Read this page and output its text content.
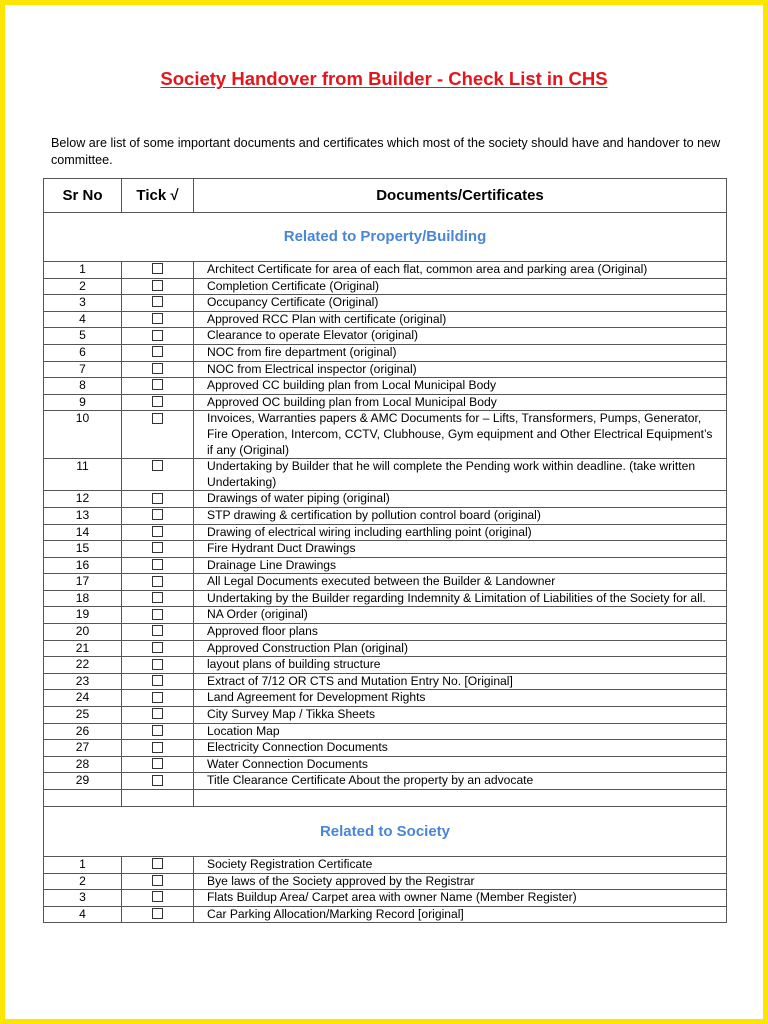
Society Handover from Builder - Check List in CHS
Below are list of some important documents and certificates which most of the society should have and handover to new committee.
Sr No	Tick √	Documents/Certificates
Related to Property/Building		
1		Architect Certificate for area of each flat, common area and parking area (Original)
2		Completion Certificate (Original)
3		Occupancy Certificate (Original)
4		Approved RCC Plan with certificate (original)
5		Clearance to operate Elevator (original)
6		NOC from fire department (original)
7		NOC from Electrical inspector (original)
8		Approved CC building plan from Local Municipal Body
9		Approved OC building plan from Local Municipal Body
10		Invoices, Warranties papers & AMC Documents for – Lifts, Transformers, Pumps, Generator, Fire Operation, Intercom, CCTV, Clubhouse, Gym equipment and Other Electrical Equipment’s if any (Original)
11		Undertaking by Builder that he will complete the Pending work within deadline. (take written Undertaking)
12		Drawings of water piping (original)
13		STP drawing & certification by pollution control board (original)
14		Drawing of electrical wiring including earthling point (original)
15		Fire Hydrant Duct Drawings
16		Drainage Line Drawings
17		All Legal Documents executed between the Builder & Landowner
18		Undertaking by the Builder regarding Indemnity & Limitation of Liabilities of the Society for all.
19		NA Order (original)
20		Approved floor plans
21		Approved Construction Plan (original)
22		layout plans of building structure
23		Extract of 7/12 OR CTS and Mutation Entry No. [Original]
24		Land Agreement for Development Rights
25		City Survey Map / Tikka Sheets
26		Location Map
27		Electricity Connection Documents
28		Water Connection Documents
29		Title Clearance Certificate About the property by an advocate

Related to Society		
1		Society Registration Certificate
2		Bye laws of the Society approved by the Registrar
3		Flats Buildup Area/ Carpet area with owner Name (Member Register)
4		Car Parking Allocation/Marking Record [original]
